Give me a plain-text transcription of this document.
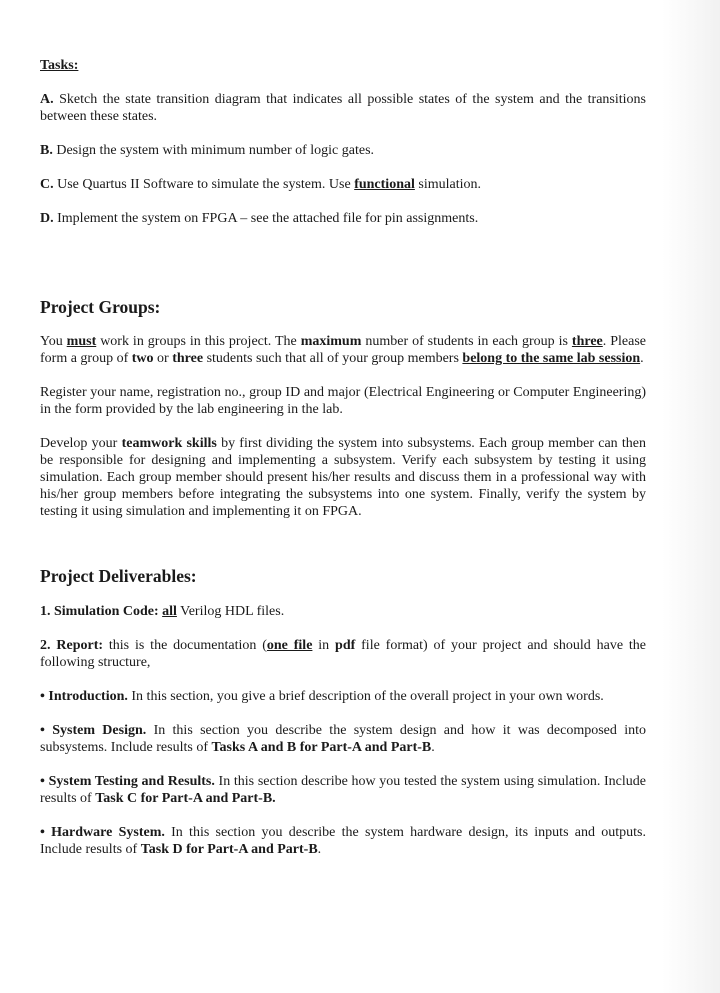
Tasks:

A. Sketch the state transition diagram that indicates all possible states of the system and the transitions between these states.

B. Design the system with minimum number of logic gates.

C. Use Quartus II Software to simulate the system. Use functional simulation.

D. Implement the system on FPGA – see the attached file for pin assignments.

Project Groups:

You must work in groups in this project. The maximum number of students in each group is three. Please form a group of two or three students such that all of your group members belong to the same lab session.

Register your name, registration no., group ID and major (Electrical Engineering or Computer Engineering) in the form provided by the lab engineering in the lab.

Develop your teamwork skills by first dividing the system into subsystems. Each group member can then be responsible for designing and implementing a subsystem. Verify each subsystem by testing it using simulation. Each group member should present his/her results and discuss them in a professional way with his/her group members before integrating the subsystems into one system. Finally, verify the system by testing it using simulation and implementing it on FPGA.

Project Deliverables:

1. Simulation Code: all Verilog HDL files.

2. Report: this is the documentation (one file in pdf file format) of your project and should have the following structure,

• Introduction. In this section, you give a brief description of the overall project in your own words.

• System Design. In this section you describe the system design and how it was decomposed into subsystems. Include results of Tasks A and B for Part-A and Part-B.

• System Testing and Results. In this section describe how you tested the system using simulation. Include results of Task C for Part-A and Part-B.

• Hardware System. In this section you describe the system hardware design, its inputs and outputs. Include results of Task D for Part-A and Part-B.
